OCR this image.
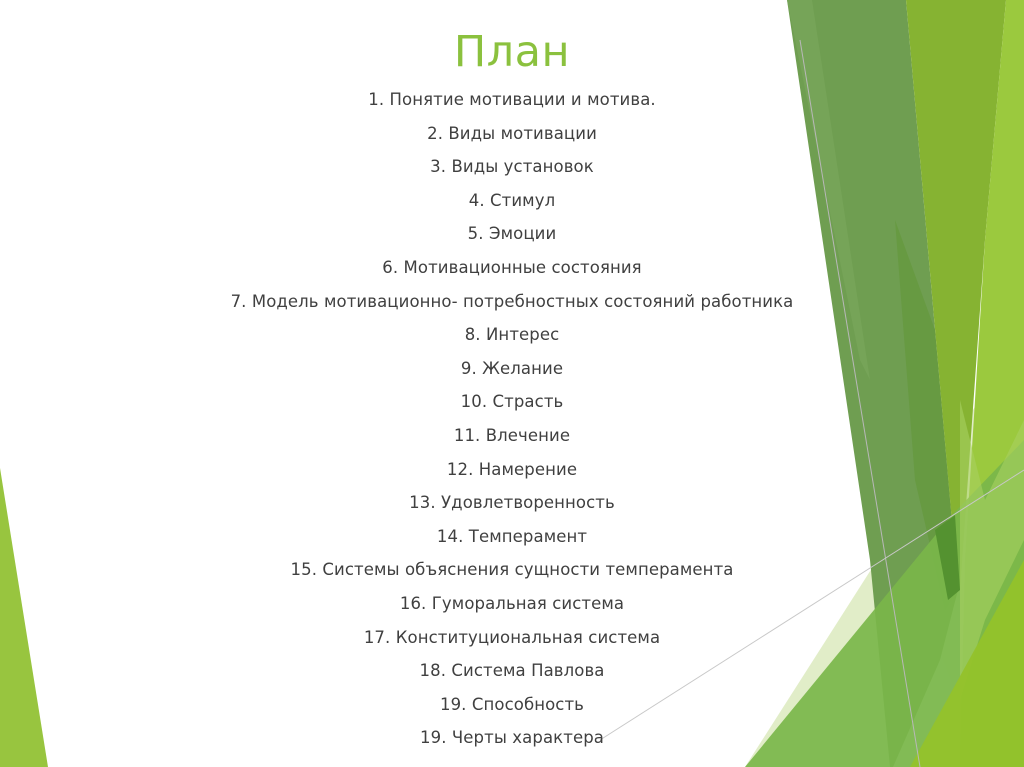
План
1. Понятие мотивации и мотива.
2. Виды мотивации
3. Виды установок
4. Стимул
5. Эмоции
6. Мотивационные состояния
7. Модель мотивационно- потребностных состояний работника
8. Интерес
9. Желание
10. Страсть
11. Влечение
12. Намерение
13. Удовлетворенность
14. Темперамент
15. Системы объяснения сущности темперамента
16. Гуморальная система
17. Конституциональная система
18. Система Павлова
19. Способность
19. Черты характера
